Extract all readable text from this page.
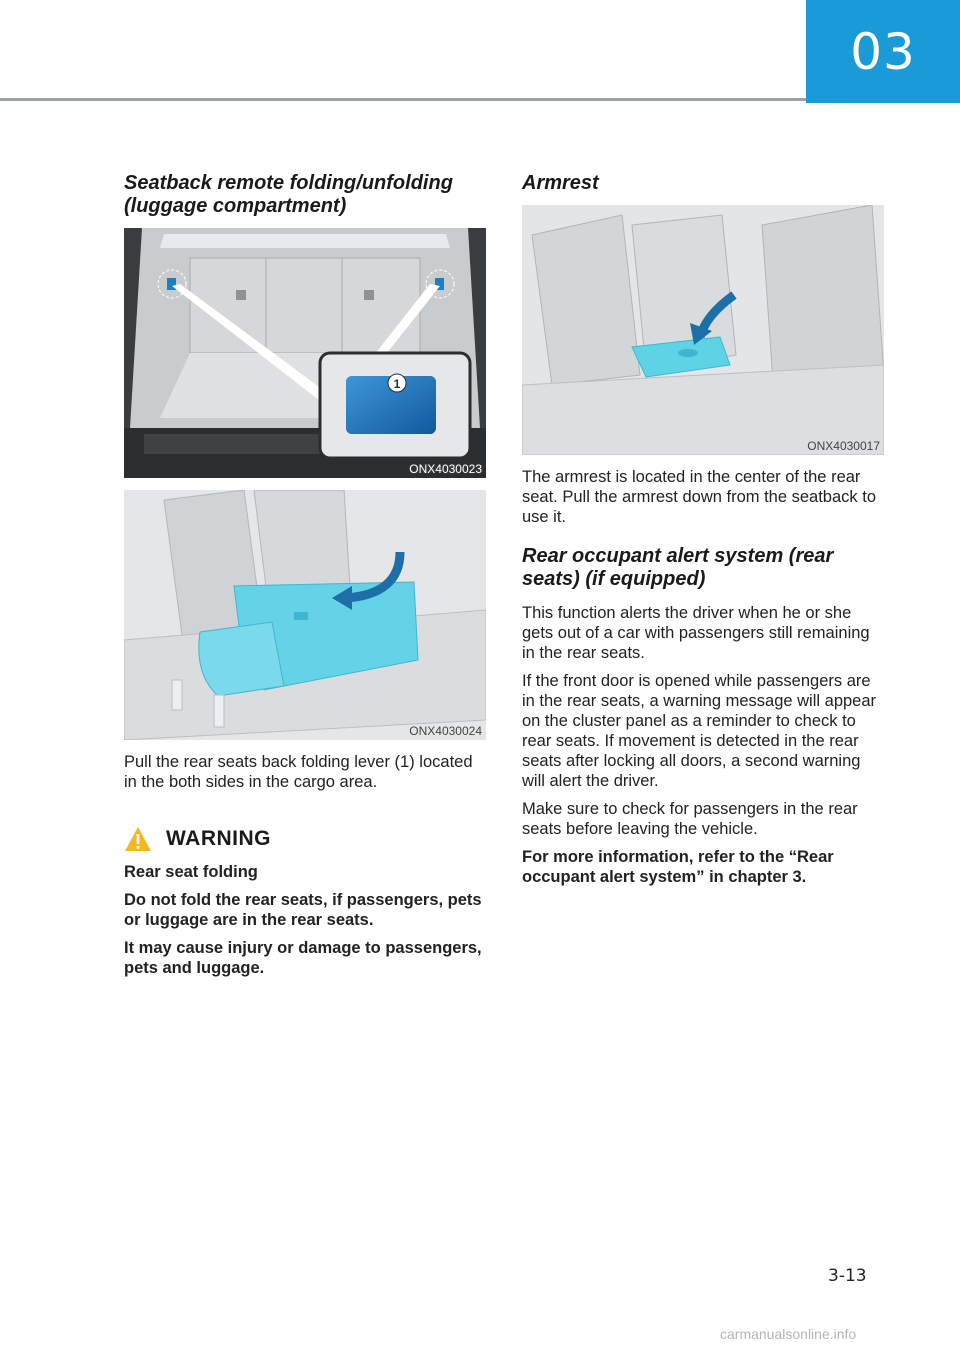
03
Seatback remote folding/unfolding (luggage compartment)
1
ONX4030023
ONX4030024

Pull the rear seats back folding lever (1) located in the both sides in the cargo area.

WARNING

Rear seat folding

Do not fold the rear seats, if passengers, pets or luggage are in the rear seats.

It may cause injury or damage to passengers, pets and luggage.

Armrest
ONX4030017

The armrest is located in the center of the rear seat. Pull the armrest down from the seatback to use it.

Rear occupant alert system (rear seats) (if equipped)

This function alerts the driver when he or she gets out of a car with passengers still remaining in the rear seats.

If the front door is opened while passengers are in the rear seats, a warning message will appear on the cluster panel as a reminder to check to rear seats. If movement is detected in the rear seats after locking all doors, a second warning will alert the driver.

Make sure to check for passengers in the rear seats before leaving the vehicle.

For more information, refer to the “Rear occupant alert system” in chapter 3.

3-13
carmanualsonline.info
